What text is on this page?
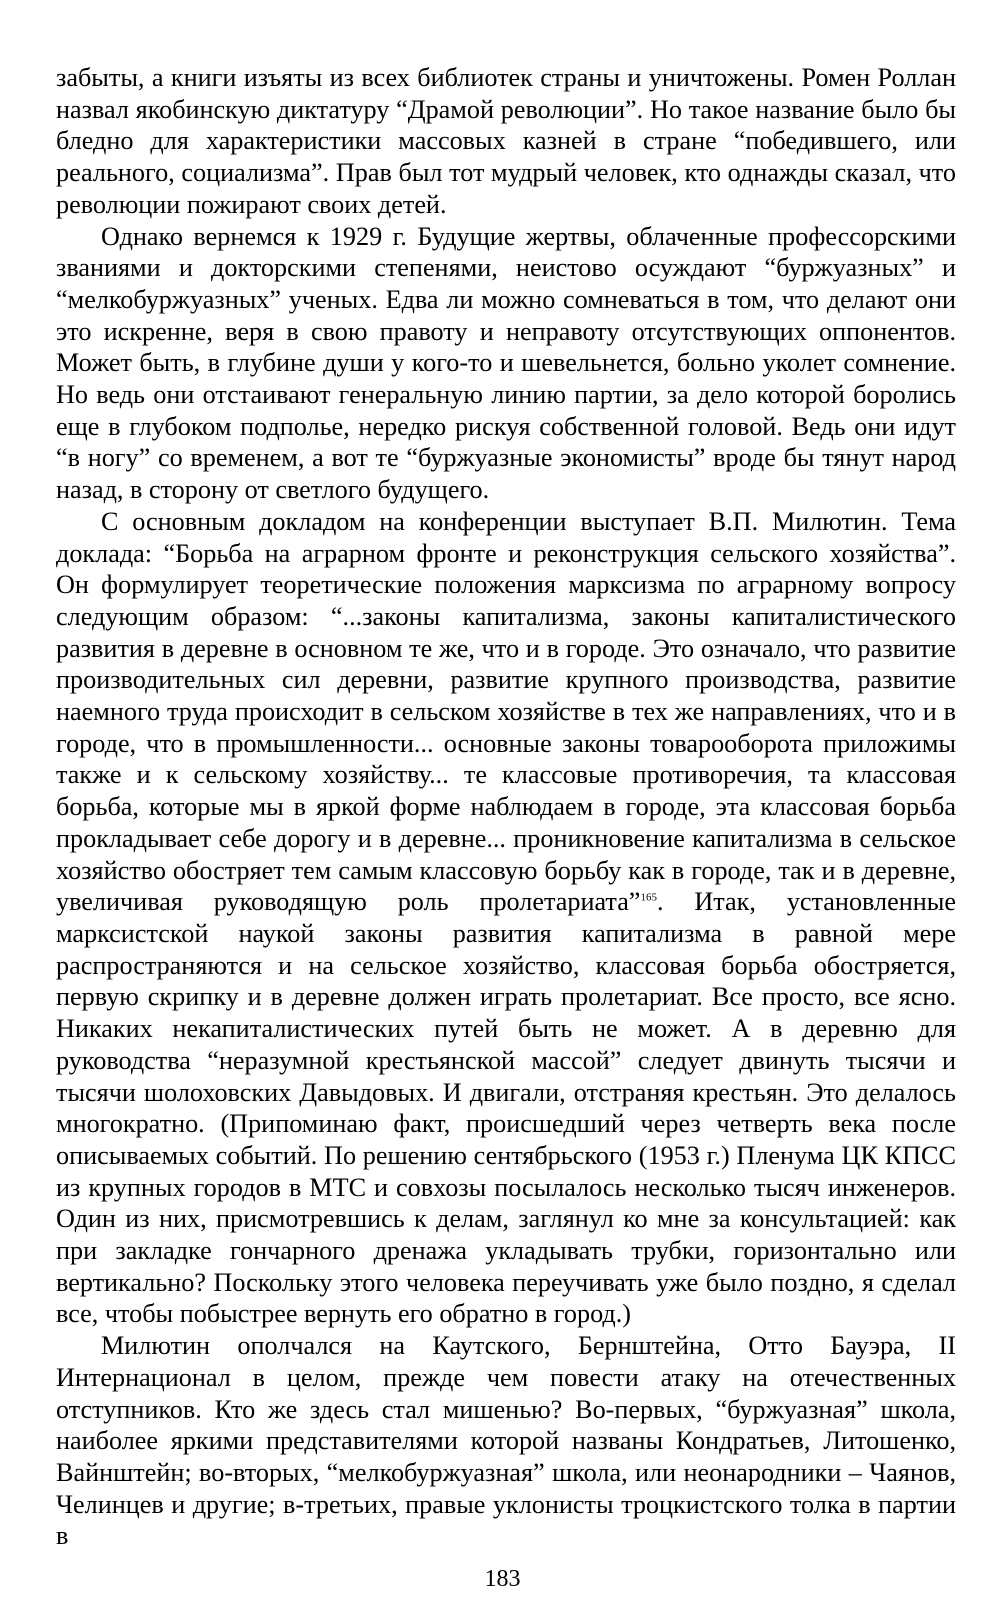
забыты, а книги изъяты из всех библиотек страны и уничтожены. Ромен Роллан назвал якобинскую диктатуру “Драмой революции”. Но такое название было бы бледно для характеристики массовых казней в стране “победившего, или реального, социализма”. Прав был тот мудрый человек, кто однажды сказал, что революции пожирают своих детей.

Однако вернемся к 1929 г. Будущие жертвы, облаченные профессорскими званиями и докторскими степенями, неистово осуждают “буржуазных” и “мелкобуржуазных” ученых. Едва ли можно сомневаться в том, что делают они это искренне, веря в свою правоту и неправоту отсутствующих оппонентов. Может быть, в глубине души у кого-то и шевельнется, больно уколет сомнение. Но ведь они отстаивают генеральную линию партии, за дело которой боролись еще в глубоком подполье, нередко рискуя собственной головой. Ведь они идут “в ногу” со временем, а вот те “буржуазные экономисты” вроде бы тянут народ назад, в сторону от светлого будущего.

С основным докладом на конференции выступает В.П. Милютин. Тема доклада: “Борьба на аграрном фронте и реконструкция сельского хозяйства”. Он формулирует теоретические положения марксизма по аграрному вопросу следующим образом: “...законы капитализма, законы капиталистического развития в деревне в основном те же, что и в городе. Это означало, что развитие производительных сил деревни, развитие крупного производства, развитие наемного труда происходит в сельском хозяйстве в тех же направлениях, что и в городе, что в промышленности... основные законы товарооборота приложимы также и к сельскому хозяйству... те классовые противоречия, та классовая борьба, которые мы в яркой форме наблюдаем в городе, эта классовая борьба прокладывает себе дорогу и в деревне... проникновение капитализма в сельское хозяйство обостряет тем самым классовую борьбу как в городе, так и в деревне, увеличивая руководящую роль пролетариата”$^{165}$. Итак, установленные марксистской наукой законы развития капитализма в равной мере распространяются и на сельское хозяйство, классовая борьба обостряется, первую скрипку и в деревне должен играть пролетариат. Все просто, все ясно. Никаких некапиталистических путей быть не может. А в деревню для руководства “неразумной крестьянской массой” следует двинуть тысячи и тысячи шолоховских Давыдовых. И двигали, отстраняя крестьян. Это делалось многократно. (Припоминаю факт, происшедший через четверть века после описываемых событий. По решению сентябрьского (1953 г.) Пленума ЦК КПСС из крупных городов в МТС и совхозы посылалось несколько тысяч инженеров. Один из них, присмотревшись к делам, заглянул ко мне за консультацией: как при закладке гончарного дренажа укладывать трубки, горизонтально или вертикально? Поскольку этого человека переучивать уже было поздно, я сделал все, чтобы побыстрее вернуть его обратно в город.)

Милютин ополчался на Каутского, Бернштейна, Отто Бауэра, II Интернационал в целом, прежде чем повести атаку на отечественных отступников. Кто же здесь стал мишенью? Во-первых, “буржуазная” школа, наиболее яркими представителями которой названы Кондратьев, Литошенко, Вайнштейн; во-вторых, “мелкобуржуазная” школа, или неонародники – Чаянов, Челинцев и другие; в-третьих, правые уклонисты троцкистского толка в партии в

183
